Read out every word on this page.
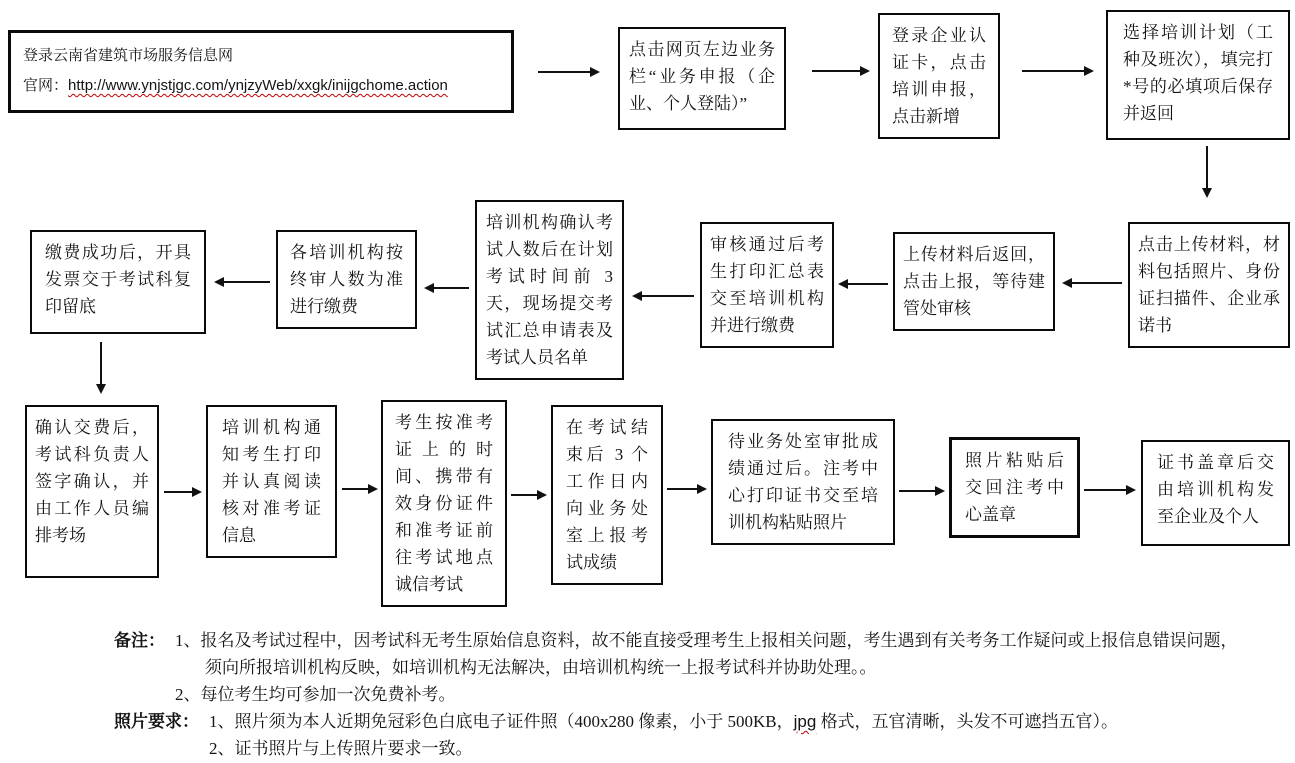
登录云南省建筑市场服务信息网
官网：http://www.ynjstjgc.com/ynjzyWeb/xxgk/inijgchome.action
点击网页左边业务栏“业务申报（企业、个人登陆）”
登录企业认证卡，点击培训申报，点击新增
选择培训计划（工种及班次），填完打*号的必填项后保存并返回
点击上传材料，材料包括照片、身份证扫描件、企业承诺书
上传材料后返回，点击上报，等待建管处审核
审核通过后考生打印汇总表交至培训机构并进行缴费
培训机构确认考试人数后在计划考试时间前 3 天，现场提交考试汇总申请表及考试人员名单
各培训机构按终审人数为准进行缴费
缴费成功后，开具发票交于考试科复印留底
确认交费后，考试科负责人签字确认，并由工作人员编排考场
培训机构通知考生打印并认真阅读核对准考证信息
考生按准考证上的时间、携带有效身份证件和准考证前往考试地点诚信考试
在考试结束后 3 个工作日内向业务处室上报考试成绩
待业务处室审批成绩通过后。注考中心打印证书交至培训机构粘贴照片
照片粘贴后交回注考中心盖章
证书盖章后交由培训机构发至企业及个人
备注： 1、报名及考试过程中，因考试科无考生原始信息资料，故不能直接受理考生上报相关问题，考生遇到有关考务工作疑问或上报信息错误问题，须向所报培训机构反映，如培训机构无法解决，由培训机构统一上报考试科并协助处理。。
2、每位考生均可参加一次免费补考。
照片要求： 1、照片须为本人近期免冠彩色白底电子证件照（400x280 像素，小于 500KB，jpg 格式，五官清晰，头发不可遮挡五官）。
2、证书照片与上传照片要求一致。
